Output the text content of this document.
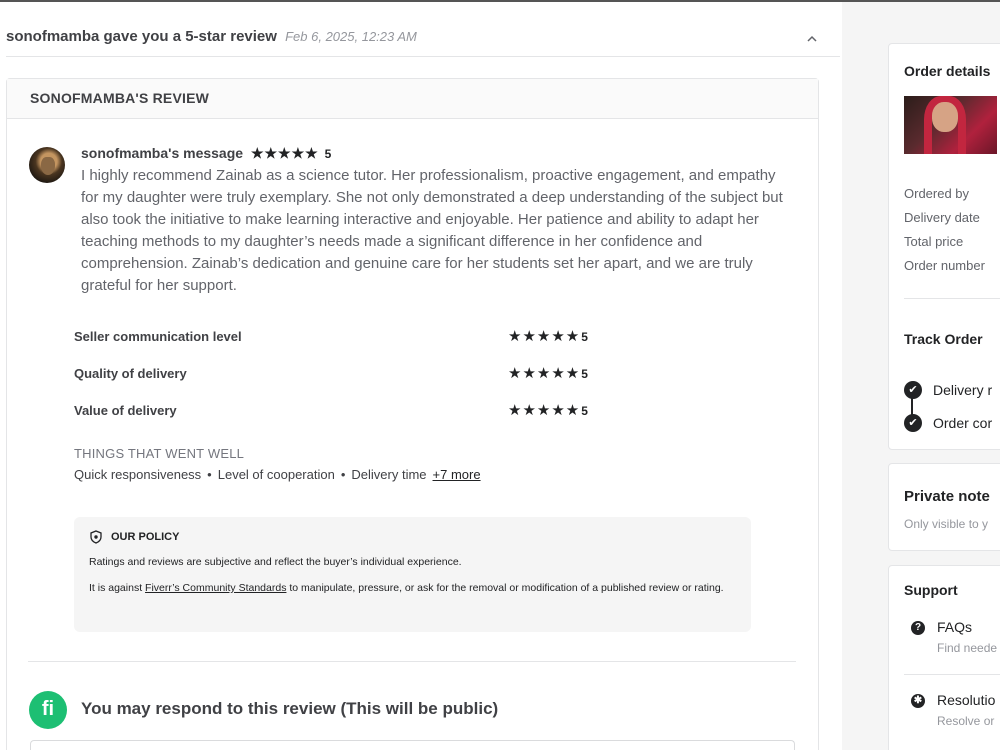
sonofmamba gave you a 5-star review Feb 6, 2025, 12:23 AM
SONOFMAMBA'S REVIEW
sonofmamba's message ★★★★★ 5
I highly recommend Zainab as a science tutor. Her professionalism, proactive engagement, and empathy for my daughter were truly exemplary. She not only demonstrated a deep understanding of the subject but also took the initiative to make learning interactive and enjoyable. Her patience and ability to adapt her teaching methods to my daughter’s needs made a significant difference in her confidence and comprehension. Zainab’s dedication and genuine care for her students set her apart, and we are truly grateful for her support.
Seller communication level	★★★★★5
Quality of delivery	★★★★★5
Value of delivery	★★★★★5
THINGS THAT WENT WELL
Quick responsiveness • Level of cooperation • Delivery time +7 more
OUR POLICY

Ratings and reviews are subjective and reflect the buyer’s individual experience.

It is against Fiverr’s Community Standards to manipulate, pressure, or ask for the removal or modification of a published review or rating.

fi	You may respond to this review (This will be public)
Order details
Ordered by
Delivery date
Total price
Order number
Track Order
✔	Delivery r
✔	Order cor
Private note
Only visible to y
Support
? FAQs
Find neede
✱ Resolutio
Resolve or
